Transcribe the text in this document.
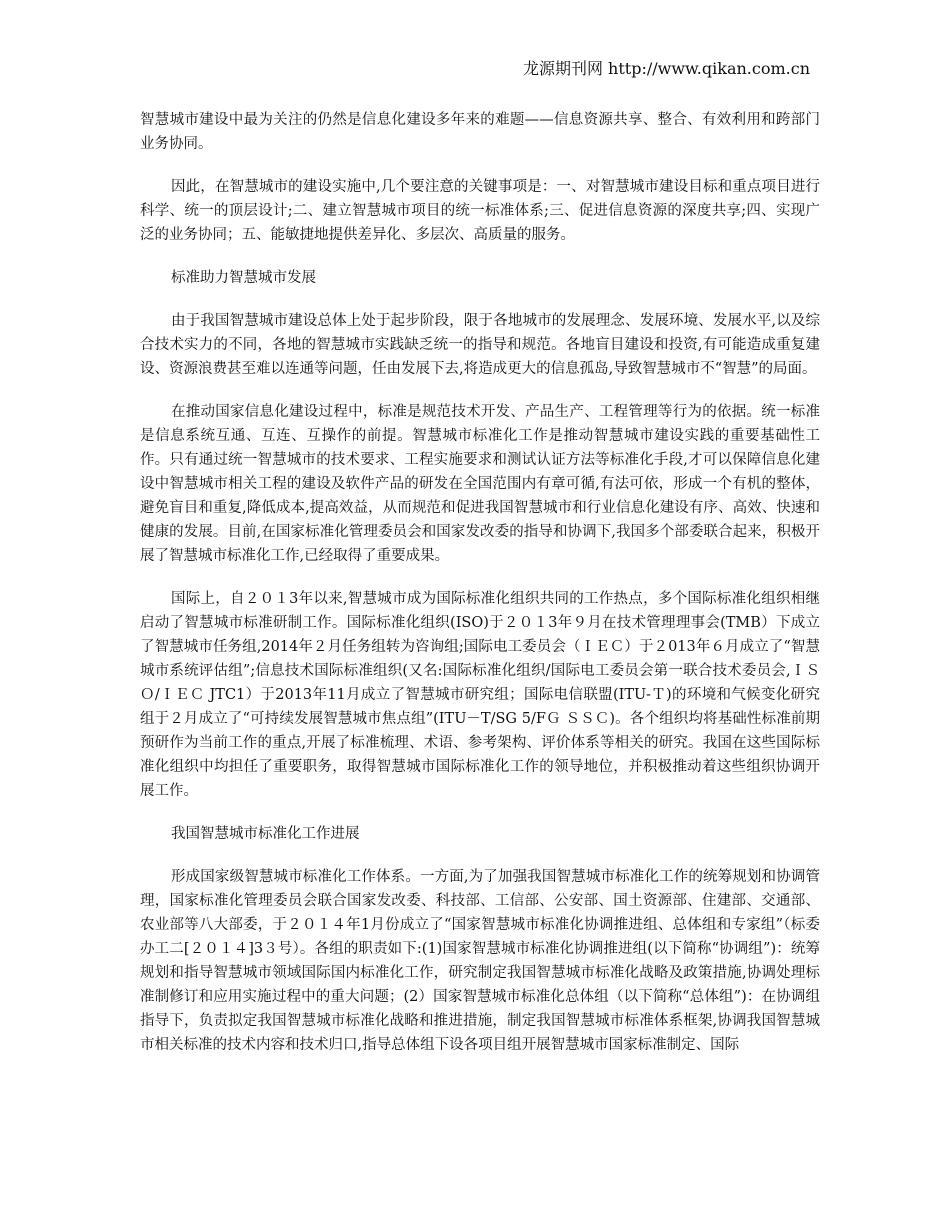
龙源期刊网 http://www.qikan.com.cn

智慧城市建设中最为关注的仍然是信息化建设多年来的难题——信息资源共享、整合、有效利用和跨部门业务协同。

因此，在智慧城市的建设实施中,几个要注意的关键事项是：一、对智慧城市建设目标和重点项目进行科学、统一的顶层设计;二、建立智慧城市项目的统一标准体系;三、促进信息资源的深度共享;四、实现广泛的业务协同；五、能敏捷地提供差异化、多层次、高质量的服务。

标准助力智慧城市发展

由于我国智慧城市建设总体上处于起步阶段，限于各地城市的发展理念、发展环境、发展水平,以及综合技术实力的不同，各地的智慧城市实践缺乏统一的指导和规范。各地盲目建设和投资,有可能造成重复建设、资源浪费甚至难以连通等问题，任由发展下去,将造成更大的信息孤岛,导致智慧城市不“智慧”的局面。

在推动国家信息化建设过程中，标准是规范技术开发、产品生产、工程管理等行为的依据。统一标准是信息系统互通、互连、互操作的前提。智慧城市标准化工作是推动智慧城市建设实践的重要基础性工作。只有通过统一智慧城市的技术要求、工程实施要求和测试认证方法等标准化手段,才可以保障信息化建设中智慧城市相关工程的建设及软件产品的研发在全国范围内有章可循,有法可依，形成一个有机的整体，避免盲目和重复,降低成本,提高效益，从而规范和促进我国智慧城市和行业信息化建设有序、高效、快速和健康的发展。目前,在国家标准化管理委员会和国家发改委的指导和协调下,我国多个部委联合起来，积极开展了智慧城市标准化工作,已经取得了重要成果。

国际上，自２０１3年以来,智慧城市成为国际标准化组织共同的工作热点，多个国际标准化组织相继启动了智慧城市标准研制工作。国际标准化组织(ISO)于２０１3年９月在技术管理理事会(TMB）下成立了智慧城市任务组,2014年２月任务组转为咨询组;国际电工委员会（ＩＥＣ）于２013年６月成立了“智慧城市系统评估组”;信息技术国际标准组织(又名:国际标准化组织/国际电工委员会第一联合技术委员会,ＩＳＯ/ＩＥＣ JTC1）于2013年11月成立了智慧城市研究组；国际电信联盟(ITU-Ｔ)的环境和气候变化研究组于２月成立了“可持续发展智慧城市焦点组”(ITU－T/SG 5/FＧ ＳＳＣ)。各个组织均将基础性标准前期预研作为当前工作的重点,开展了标准梳理、术语、参考架构、评价体系等相关的研究。我国在这些国际标准化组织中均担任了重要职务，取得智慧城市国际标准化工作的领导地位，并积极推动着这些组织协调开展工作。

我国智慧城市标准化工作进展

形成国家级智慧城市标准化工作体系。一方面,为了加强我国智慧城市标准化工作的统筹规划和协调管理，国家标准化管理委员会联合国家发改委、科技部、工信部、公安部、国土资源部、住建部、交通部、农业部等八大部委，于２０１４年1月份成立了“国家智慧城市标准化协调推进组、总体组和专家组”（标委办工二[２０１４]3３号）。各组的职责如下:(1)国家智慧城市标准化协调推进组(以下简称“协调组”)：统筹规划和指导智慧城市领域国际国内标准化工作，研究制定我国智慧城市标准化战略及政策措施,协调处理标准制修订和应用实施过程中的重大问题；(2）国家智慧城市标准化总体组（以下简称“总体组”)：在协调组指导下，负责拟定我国智慧城市标准化战略和推进措施，制定我国智慧城市标准体系框架,协调我国智慧城市相关标准的技术内容和技术归口,指导总体组下设各项目组开展智慧城市国家标准制定、国际
